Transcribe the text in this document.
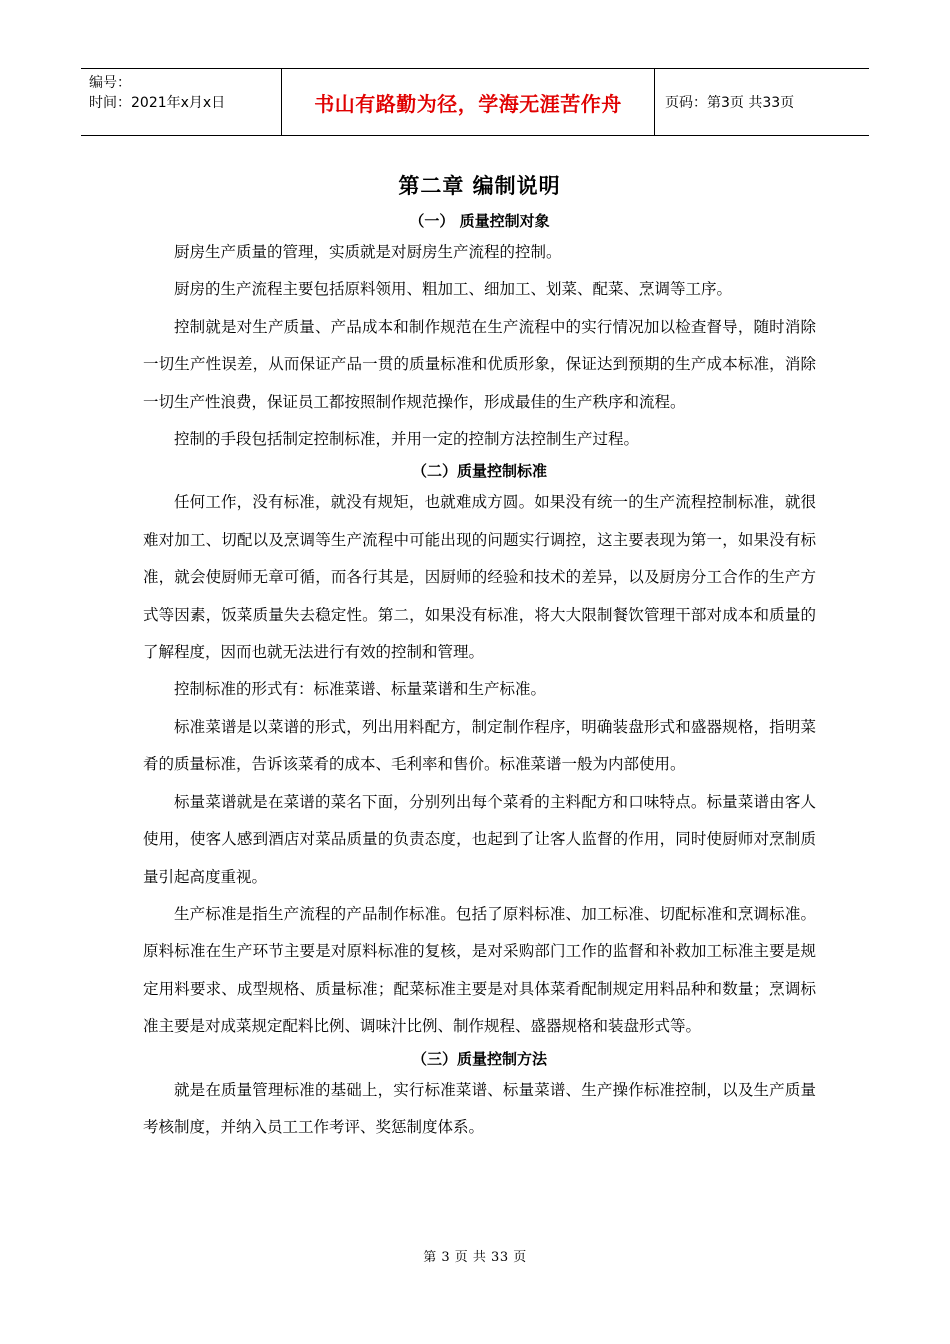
编号：
时间：2021年x月x日	书山有路勤为径，学海无涯苦作舟	页码：第3页 共33页
第二章 编制说明
（一） 质量控制对象

厨房生产质量的管理，实质就是对厨房生产流程的控制。

厨房的生产流程主要包括原料领用、粗加工、细加工、划菜、配菜、烹调等工序。

控制就是对生产质量、产品成本和制作规范在生产流程中的实行情况加以检查督导，随时消除一切生产性误差，从而保证产品一贯的质量标准和优质形象，保证达到预期的生产成本标准，消除一切生产性浪费，保证员工都按照制作规范操作，形成最佳的生产秩序和流程。

控制的手段包括制定控制标准，并用一定的控制方法控制生产过程。

（二）质量控制标准

任何工作，没有标准，就没有规矩，也就难成方圆。如果没有统一的生产流程控制标准，就很难对加工、切配以及烹调等生产流程中可能出现的问题实行调控，这主要表现为第一，如果没有标准，就会使厨师无章可循，而各行其是，因厨师的经验和技术的差异，以及厨房分工合作的生产方式等因素，饭菜质量失去稳定性。第二，如果没有标准，将大大限制餐饮管理干部对成本和质量的了解程度，因而也就无法进行有效的控制和管理。

控制标准的形式有：标准菜谱、标量菜谱和生产标准。

标准菜谱是以菜谱的形式，列出用料配方，制定制作程序，明确装盘形式和盛器规格，指明菜肴的质量标准，告诉该菜肴的成本、毛利率和售价。标准菜谱一般为内部使用。

标量菜谱就是在菜谱的菜名下面，分别列出每个菜肴的主料配方和口味特点。标量菜谱由客人使用，使客人感到酒店对菜品质量的负责态度，也起到了让客人监督的作用，同时使厨师对烹制质量引起高度重视。

生产标准是指生产流程的产品制作标准。包括了原料标准、加工标准、切配标准和烹调标准。原料标准在生产环节主要是对原料标准的复核，是对采购部门工作的监督和补救加工标准主要是规定用料要求、成型规格、质量标准；配菜标准主要是对具体菜肴配制规定用料品种和数量；烹调标准主要是对成菜规定配料比例、调味汁比例、制作规程、盛器规格和装盘形式等。

（三）质量控制方法

就是在质量管理标准的基础上，实行标准菜谱、标量菜谱、生产操作标准控制，以及生产质量考核制度，并纳入员工工作考评、奖惩制度体系。

第 3 页 共 33 页
